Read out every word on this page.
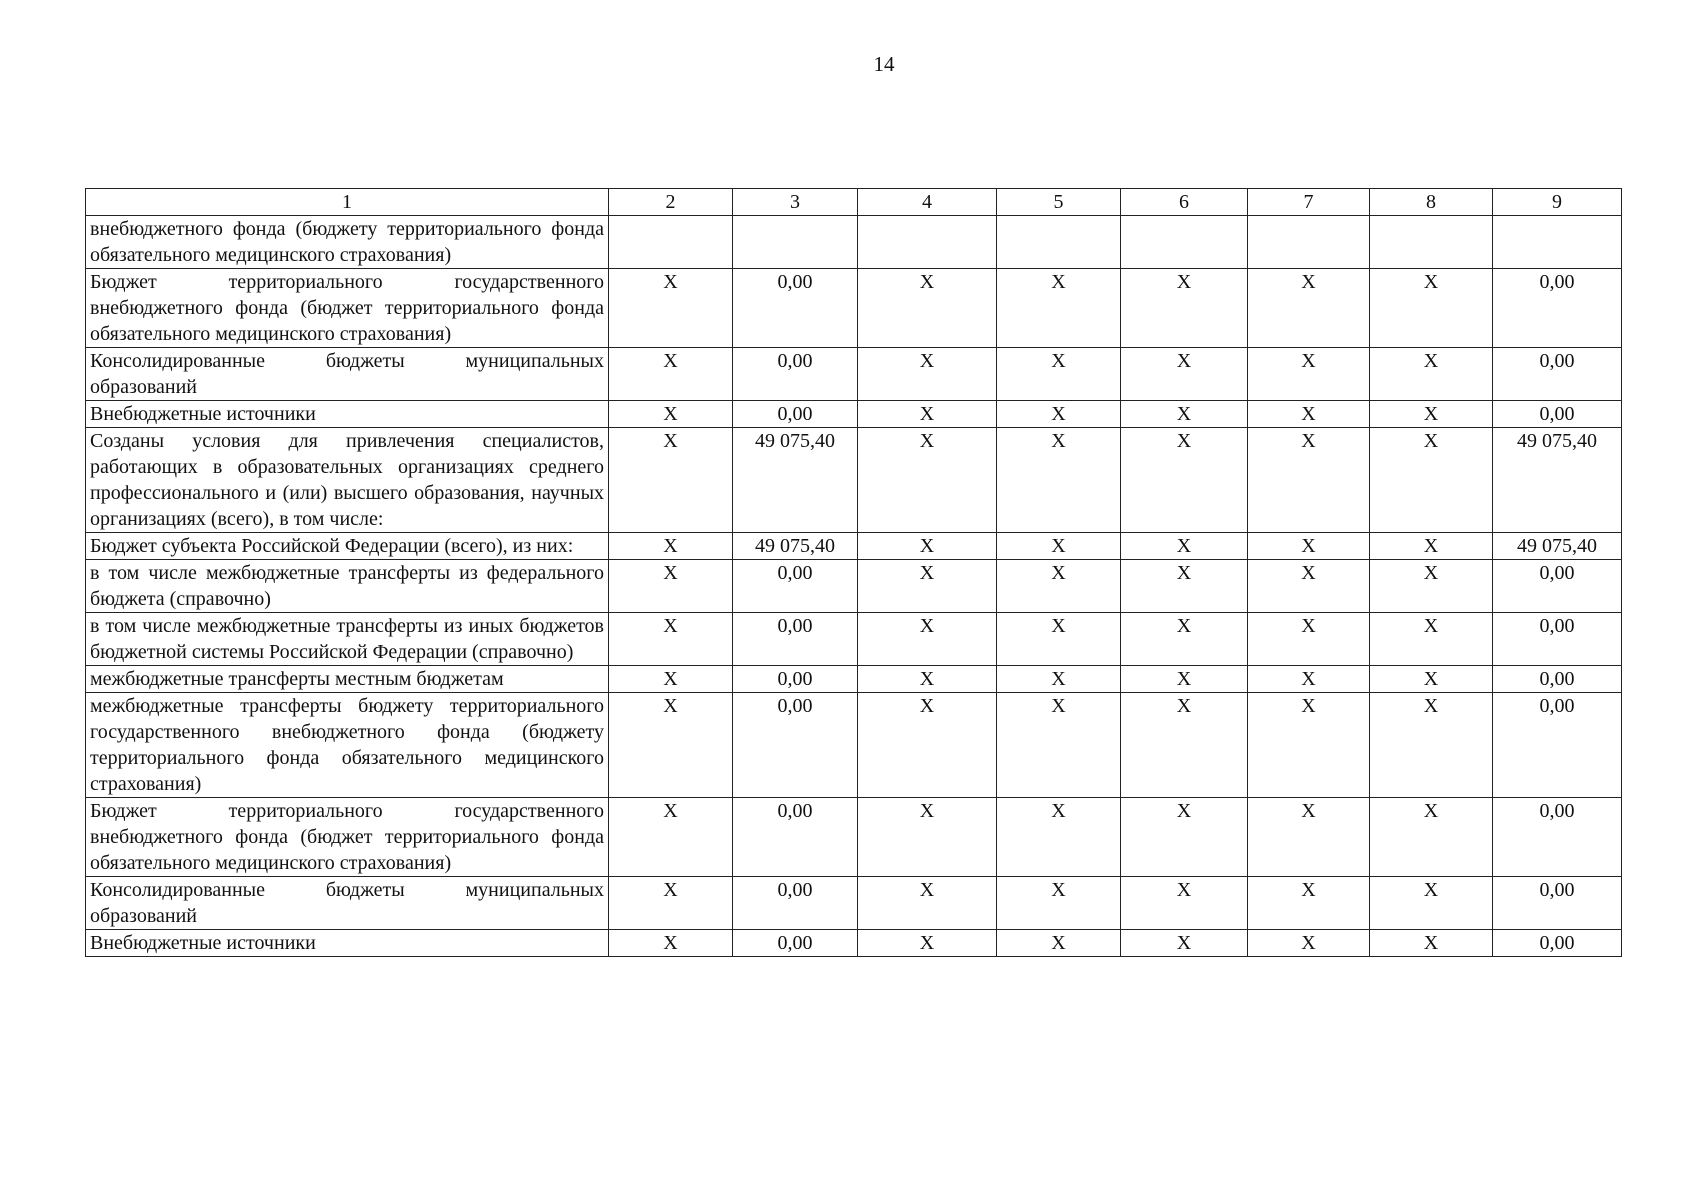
14
1	2	3	4	5	6	7	8	9
внебюджетного фонда (бюджету территориального фонда обязательного медицинского страхования)								
Бюджет территориального государственного внебюджетного фонда (бюджет территориального фонда обязательного медицинского страхования)	X	0,00	X	X	X	X	X	0,00
Консолидированные бюджеты муниципальных образований	X	0,00	X	X	X	X	X	0,00
Внебюджетные источники	X	0,00	X	X	X	X	X	0,00
Созданы условия для привлечения специалистов, работающих в образовательных организациях среднего профессионального и (или) высшего образования, научных организациях (всего), в том числе:	X	49 075,40	X	X	X	X	X	49 075,40
Бюджет субъекта Российской Федерации (всего), из них:	X	49 075,40	X	X	X	X	X	49 075,40
в том числе межбюджетные трансферты из федерального бюджета (справочно)	X	0,00	X	X	X	X	X	0,00
в том числе межбюджетные трансферты из иных бюджетов бюджетной системы Российской Федерации (справочно)	X	0,00	X	X	X	X	X	0,00
межбюджетные трансферты местным бюджетам	X	0,00	X	X	X	X	X	0,00
межбюджетные трансферты бюджету территориального государственного внебюджетного фонда (бюджету территориального фонда обязательного медицинского страхования)	X	0,00	X	X	X	X	X	0,00
Бюджет территориального государственного внебюджетного фонда (бюджет территориального фонда обязательного медицинского страхования)	X	0,00	X	X	X	X	X	0,00
Консолидированные бюджеты муниципальных образований	X	0,00	X	X	X	X	X	0,00
Внебюджетные источники	X	0,00	X	X	X	X	X	0,00
